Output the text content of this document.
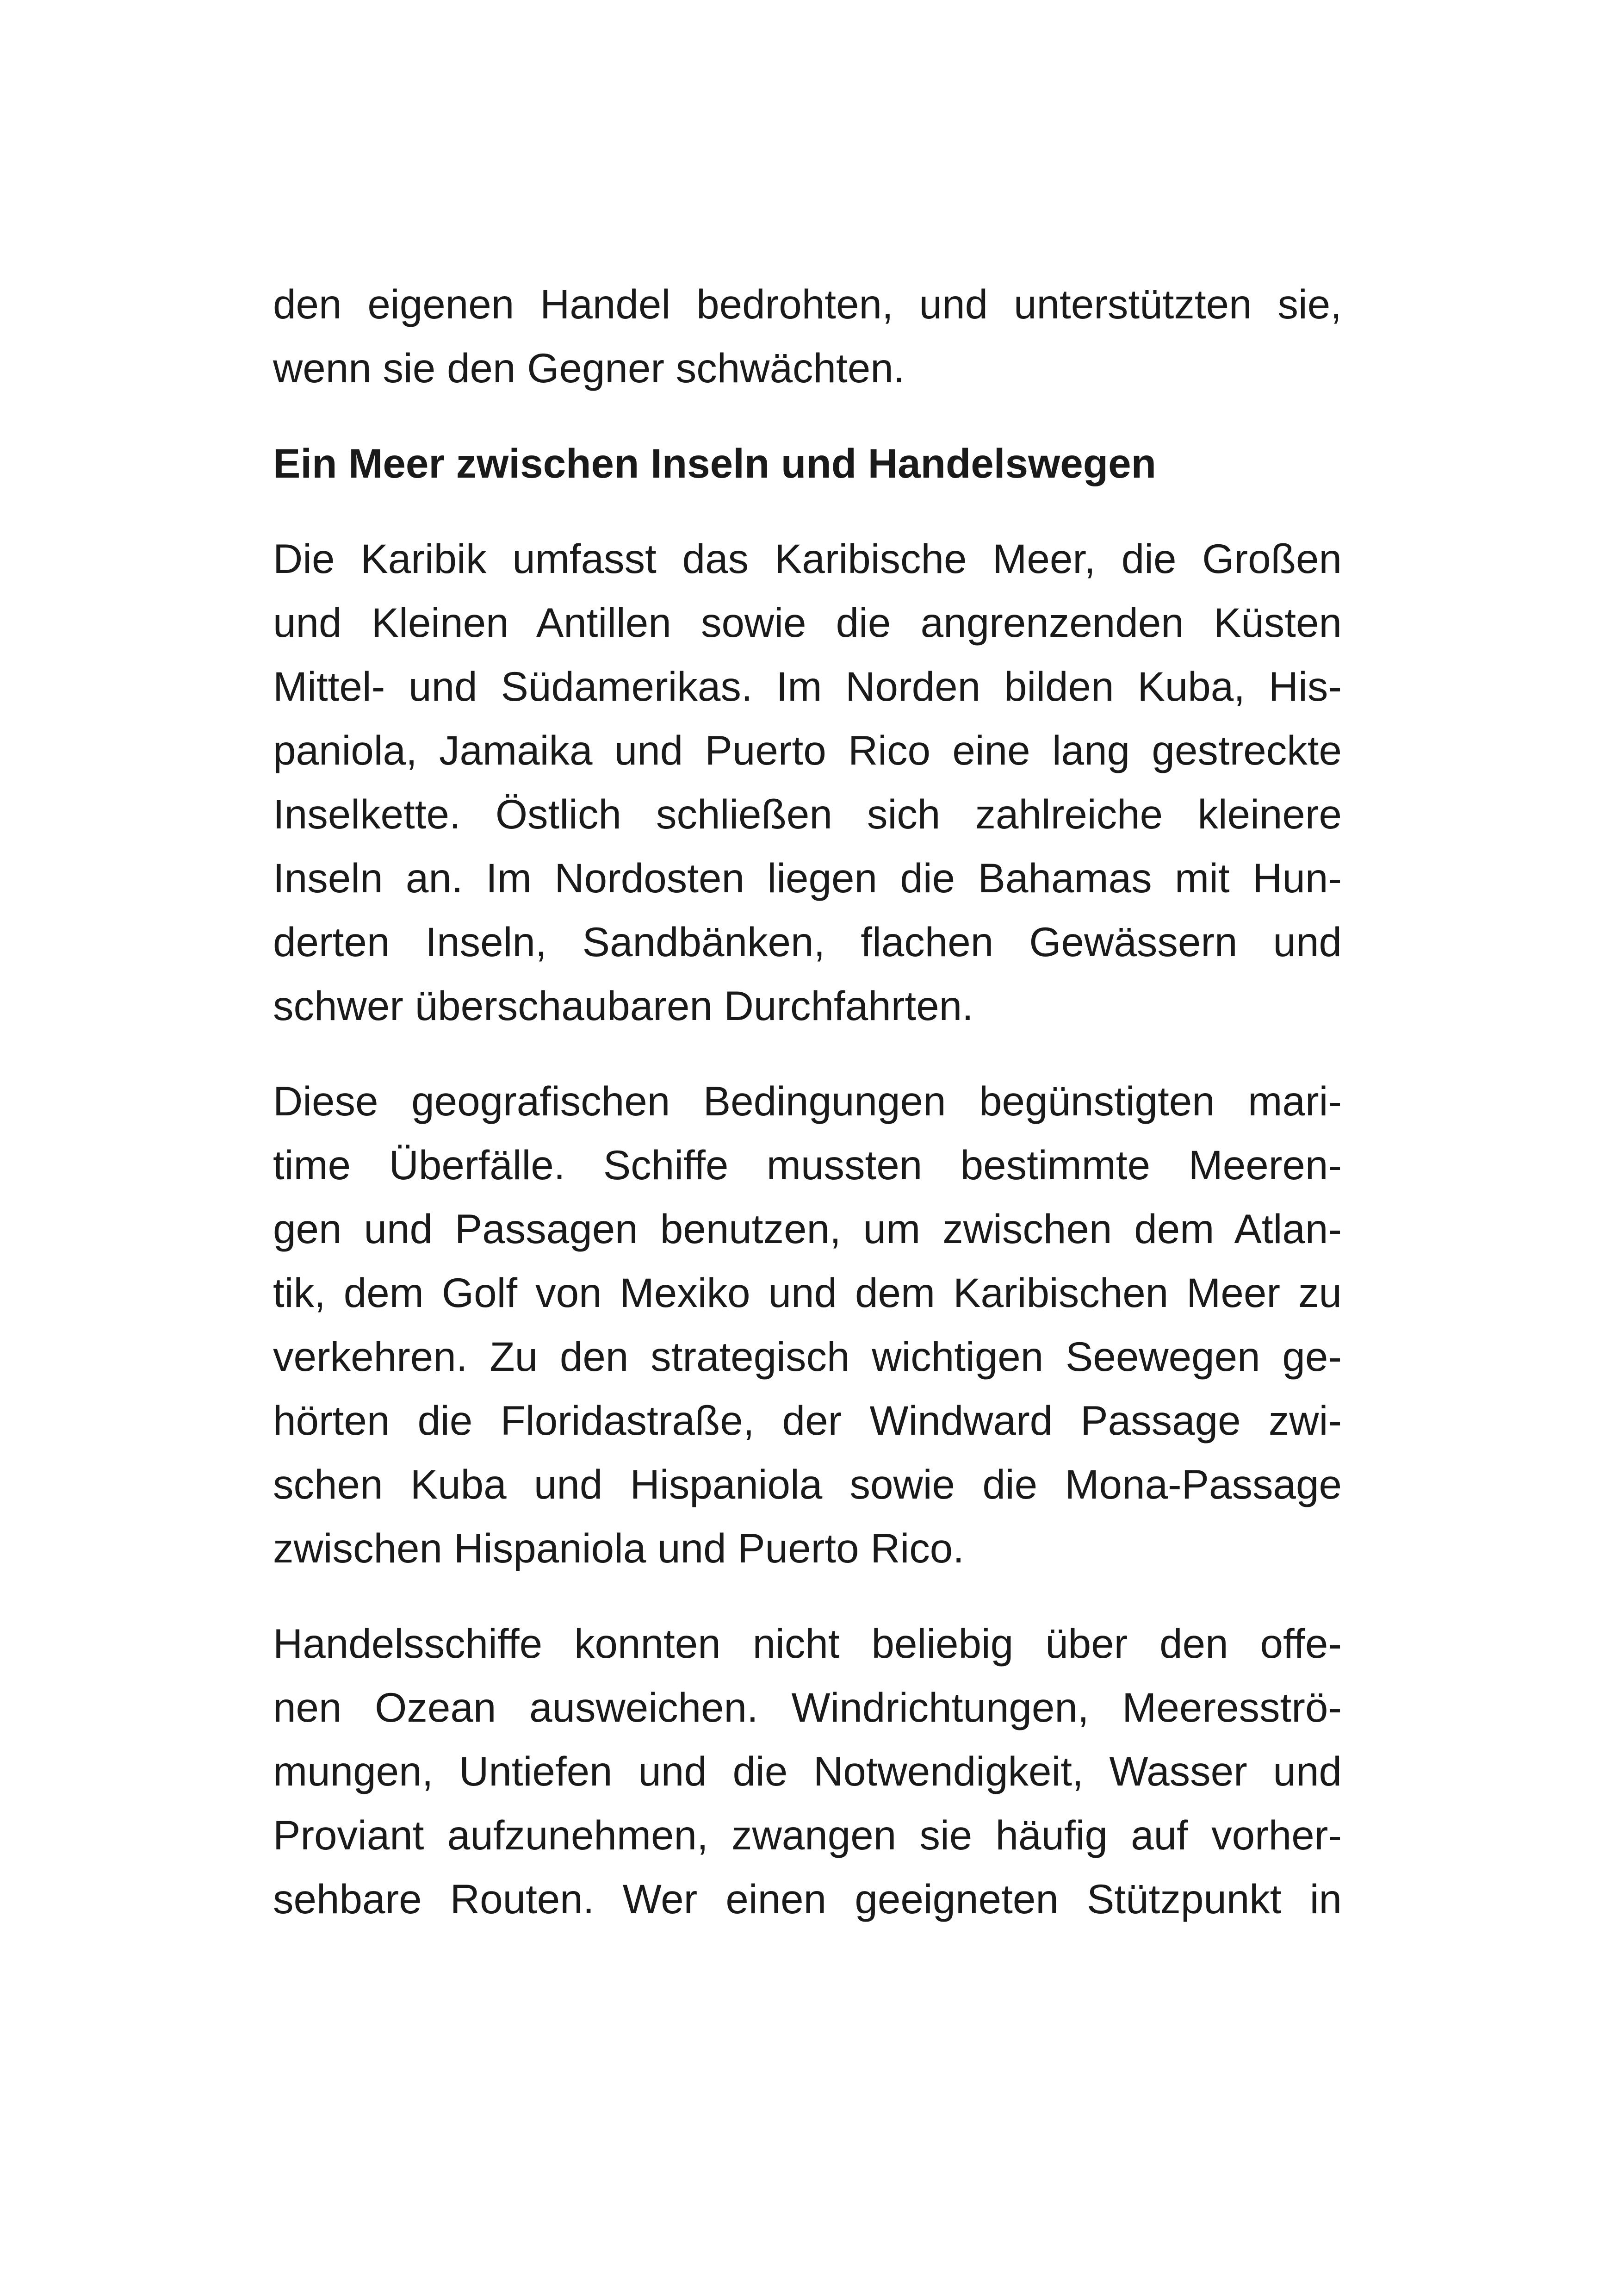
den eigenen Handel bedrohten, und unterstützten sie,
wenn sie den Gegner schwächten.
Ein Meer zwischen Inseln und Handelswegen
Die Karibik umfasst das Karibische Meer, die Großen
und Kleinen Antillen sowie die angrenzenden Küsten
Mittel- und Südamerikas. Im Norden bilden Kuba, His-
paniola, Jamaika und Puerto Rico eine lang gestreckte
Inselkette. Östlich schließen sich zahlreiche kleinere
Inseln an. Im Nordosten liegen die Bahamas mit Hun-
derten Inseln, Sandbänken, flachen Gewässern und
schwer überschaubaren Durchfahrten.
Diese geografischen Bedingungen begünstigten mari-
time Überfälle. Schiffe mussten bestimmte Meeren-
gen und Passagen benutzen, um zwischen dem Atlan-
tik, dem Golf von Mexiko und dem Karibischen Meer zu
verkehren. Zu den strategisch wichtigen Seewegen ge-
hörten die Floridastraße, der Windward Passage zwi-
schen Kuba und Hispaniola sowie die Mona-Passage
zwischen Hispaniola und Puerto Rico.
Handelsschiffe konnten nicht beliebig über den offe-
nen Ozean ausweichen. Windrichtungen, Meeresströ-
mungen, Untiefen und die Notwendigkeit, Wasser und
Proviant aufzunehmen, zwangen sie häufig auf vorher-
sehbare Routen. Wer einen geeigneten Stützpunkt in
